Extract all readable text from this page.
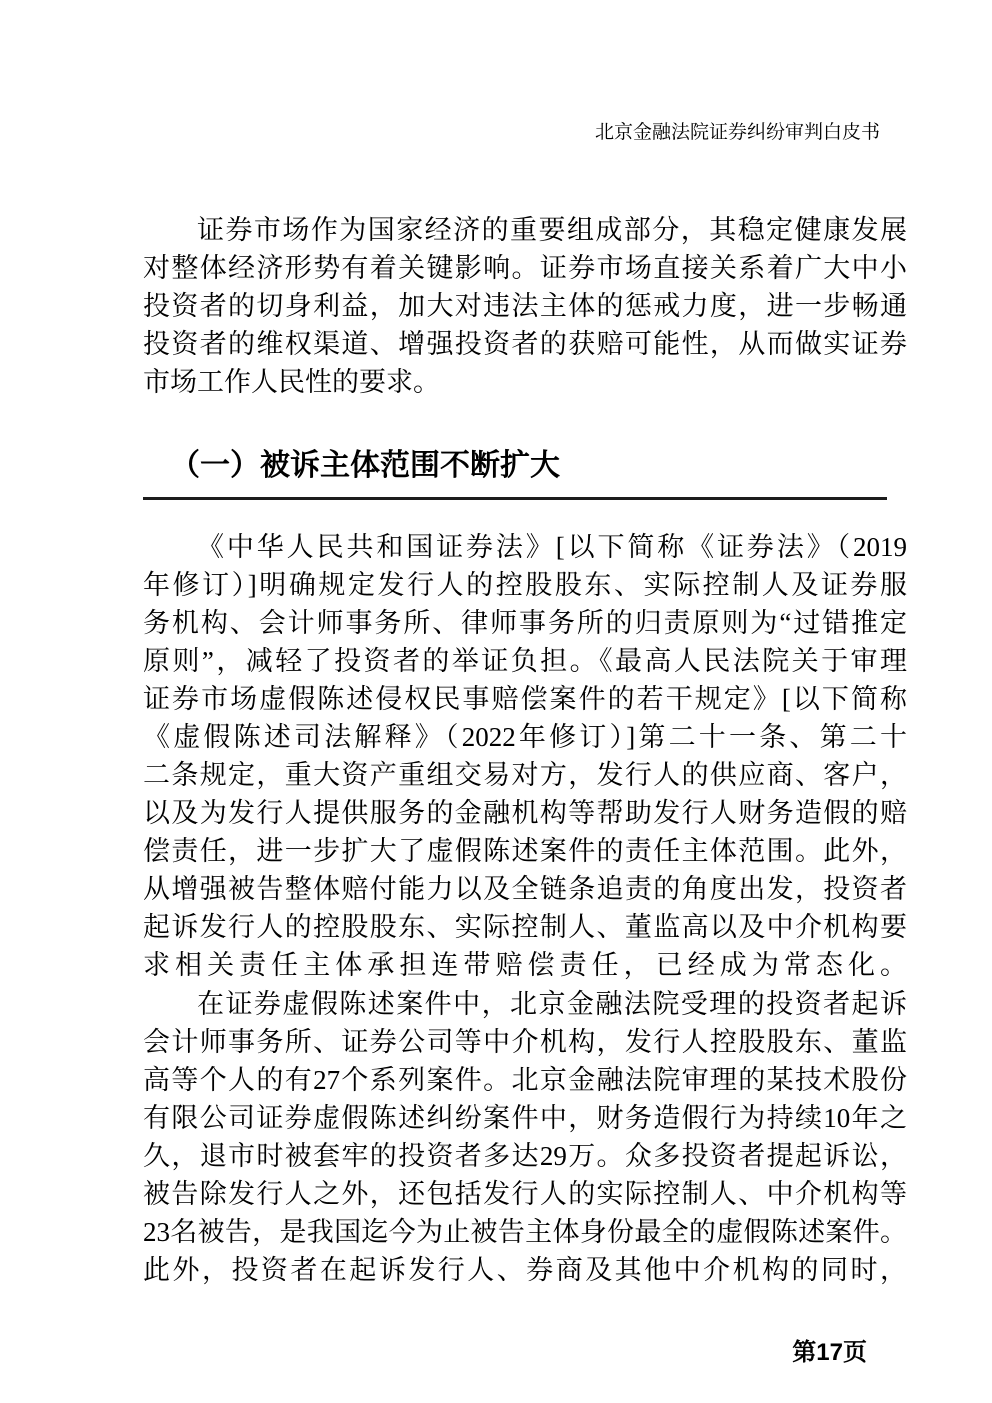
北京金融法院证券纠纷审判白皮书
证券市场作为国家经济的重要组成部分，其稳定健康发展
对整体经济形势有着关键影响。证券市场直接关系着广大中小
投资者的切身利益，加大对违法主体的惩戒力度，进一步畅通
投资者的维权渠道、增强投资者的获赔可能性，从而做实证券
市场工作人民性的要求。
（一）被诉主体范围不断扩大
《中华人民共和国证券法》[以下简称《证券法》（2019
年修订）]明确规定发行人的控股股东、实际控制人及证券服
务机构、会计师事务所、律师事务所的归责原则为“过错推定
原则”，减轻了投资者的举证负担。《最高人民法院关于审理
证券市场虚假陈述侵权民事赔偿案件的若干规定》[以下简称
《虚假陈述司法解释》（2022年修订）]第二十一条、第二十
二条规定，重大资产重组交易对方，发行人的供应商、客户，
以及为发行人提供服务的金融机构等帮助发行人财务造假的赔
偿责任，进一步扩大了虚假陈述案件的责任主体范围。此外，
从增强被告整体赔付能力以及全链条追责的角度出发，投资者
起诉发行人的控股股东、实际控制人、董监高以及中介机构要
求相关责任主体承担连带赔偿责任，已经成为常态化。
在证券虚假陈述案件中，北京金融法院受理的投资者起诉
会计师事务所、证券公司等中介机构，发行人控股股东、董监
高等个人的有27个系列案件。北京金融法院审理的某技术股份
有限公司证券虚假陈述纠纷案件中，财务造假行为持续10年之
久，退市时被套牢的投资者多达29万。众多投资者提起诉讼，
被告除发行人之外，还包括发行人的实际控制人、中介机构等
23名被告，是我国迄今为止被告主体身份最全的虚假陈述案件。
此外，投资者在起诉发行人、券商及其他中介机构的同时，
第17页
